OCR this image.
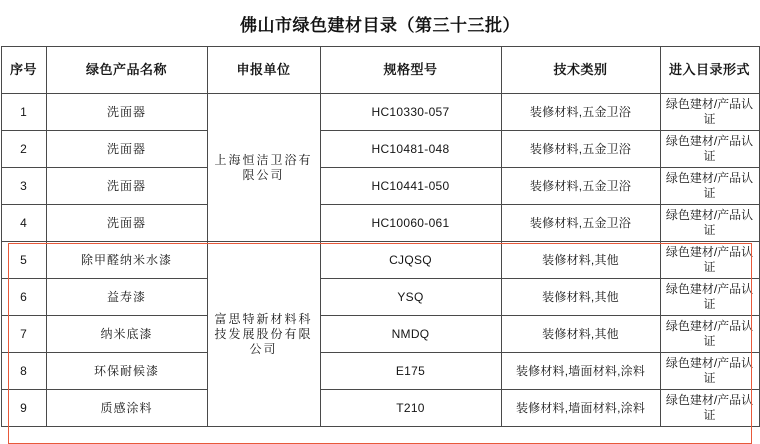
佛山市绿色建材目录（第三十三批）
序号	绿色产品名称	申报单位	规格型号	技术类别	进入目录形式
1	洗面器	上海恒洁卫浴有限公司	HC10330-057	装修材料,五金卫浴	绿色建材/产品认证
2	洗面器		HC10481-048	装修材料,五金卫浴	绿色建材/产品认证
3	洗面器		HC10441-050	装修材料,五金卫浴	绿色建材/产品认证
4	洗面器		HC10060-061	装修材料,五金卫浴	绿色建材/产品认证
5	除甲醛纳米水漆	富思特新材料科技发展股份有限公司	CJQSQ	装修材料,其他	绿色建材/产品认证
6	益寿漆		YSQ	装修材料,其他	绿色建材/产品认证
7	纳米底漆		NMDQ	装修材料,其他	绿色建材/产品认证
8	环保耐候漆		E175	装修材料,墙面材料,涂料	绿色建材/产品认证
9	质感涂料		T210	装修材料,墙面材料,涂料	绿色建材/产品认证
